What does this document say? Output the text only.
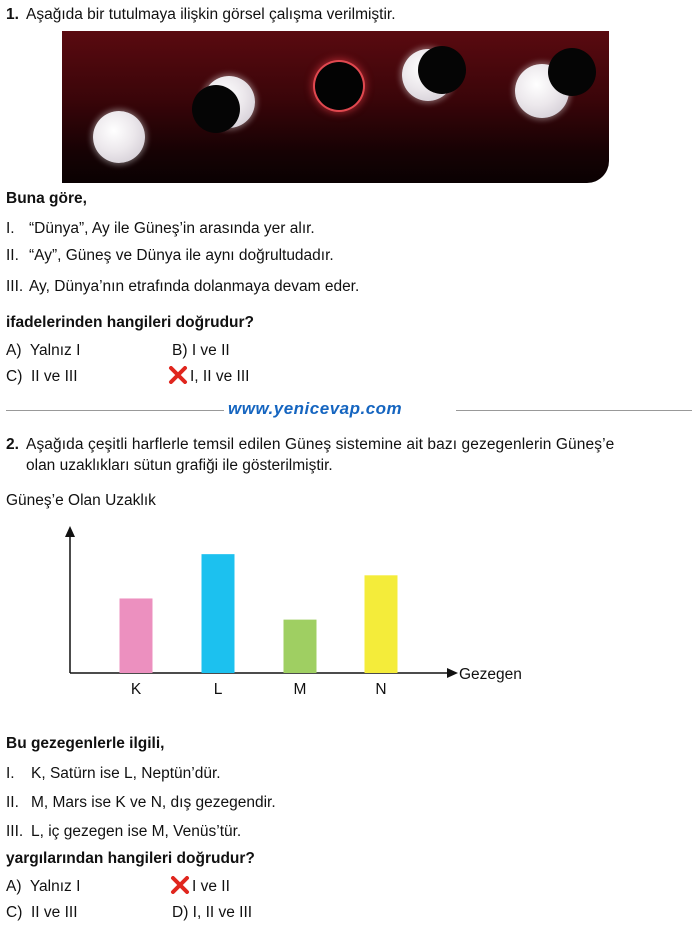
1. Aşağıda bir tutulmaya ilişkin görsel çalışma verilmiştir.
Buna göre,
I. “Dünya”, Ay ile Güneş’in arasında yer alır.
II. “Ay”, Güneş ve Dünya ile aynı doğrultudadır.
III. Ay, Dünya’nın etrafında dolanmaya devam eder.
ifadelerinden hangileri doğrudur?
A) Yalnız I	B) I ve II
C) II ve III	I, II ve III
www.yenicevap.com
2. Aşağıda çeşitli harflerle temsil edilen Güneş sistemine ait bazı gezegenlerin Güneş’e
olan uzaklıkları sütun grafiği ile gösterilmiştir.
Güneş’e Olan Uzaklık
K	L	M	N
Gezegen
Bu gezegenlerle ilgili,
I. K, Satürn ise L, Neptün’dür.
II. M, Mars ise K ve N, dış gezegendir.
III. L, iç gezegen ise M, Venüs’tür.
yargılarından hangileri doğrudur?
A) Yalnız I	I ve II
C) II ve III	D) I, II ve III
